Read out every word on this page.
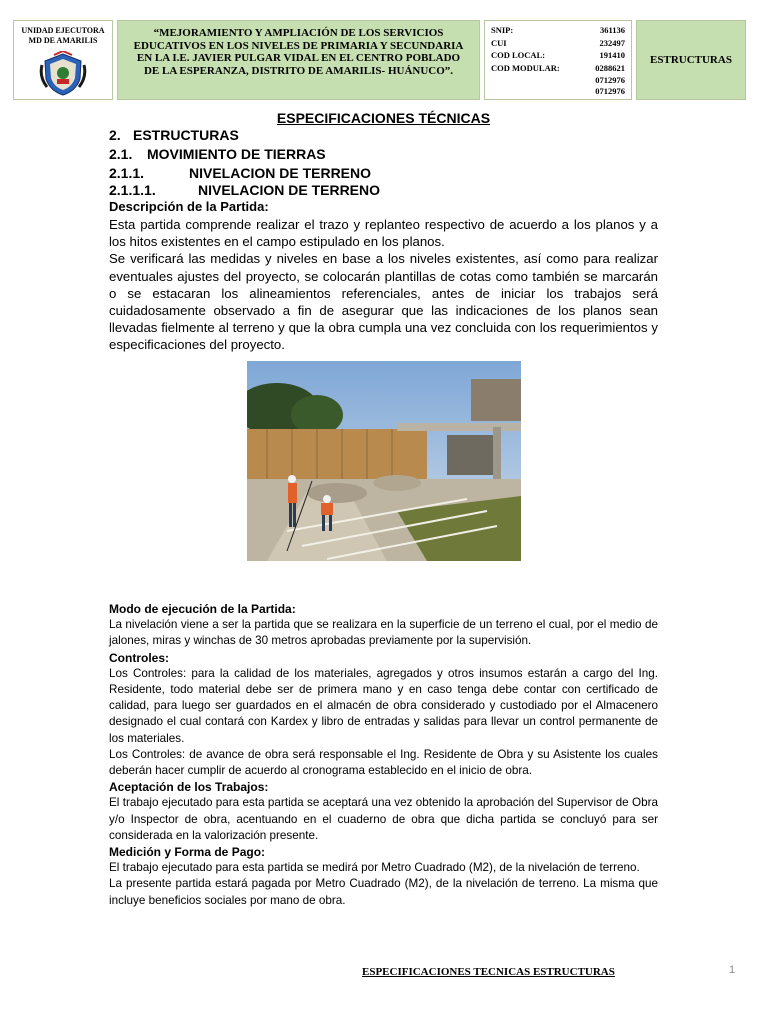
UNIDAD EJECUTORA
MD DE AMARILIS
“MEJORAMIENTO Y AMPLIACIÓN DE LOS SERVICIOS EDUCATIVOS EN LOS NIVELES DE PRIMARIA Y SECUNDARIA EN LA I.E. JAVIER PULGAR VIDAL EN EL CENTRO POBLADO DE LA ESPERANZA, DISTRITO DE AMARILIS- HUÁNUCO”.
SNIP:	361136
CUI	232497
COD LOCAL:	191410
COD MODULAR:	0288621
0712976
0712976
ESTRUCTURAS
ESPECIFICACIONES TÉCNICAS
2. ESTRUCTURAS
2.1. MOVIMIENTO DE TIERRAS
2.1.1.	NIVELACION DE TERRENO
2.1.1.1.	NIVELACION DE TERRENO
Descripción de la Partida:

Esta partida comprende realizar el trazo y replanteo respectivo de acuerdo a los planos y a los hitos existentes en el campo estipulado en los planos.

Se verificará las medidas y niveles en base a los niveles existentes, así como para realizar eventuales ajustes del proyecto, se colocarán plantillas de cotas como también se marcarán o se estacaran los alineamientos referenciales, antes de iniciar los trabajos será cuidadosamente observado a fin de asegurar que las indicaciones de los planos sean llevadas fielmente al terreno y que la obra cumpla una vez concluida con los requerimientos y especificaciones del proyecto.

Modo de ejecución de la Partida:

La nivelación viene a ser la partida que se realizara en la superficie de un terreno el cual, por el medio de jalones, miras y winchas de 30 metros aprobadas previamente por la supervisión.

Controles:

Los Controles: para la calidad de los materiales, agregados y otros insumos estarán a cargo del Ing. Residente, todo material debe ser de primera mano y en caso tenga debe contar con certificado de calidad, para luego ser guardados en el almacén de obra considerado y custodiado por el Almacenero designado el cual contará con Kardex y libro de entradas y salidas para llevar un control permanente de los materiales.

Los Controles: de avance de obra será responsable el Ing. Residente de Obra y su Asistente los cuales deberán hacer cumplir de acuerdo al cronograma establecido en el inicio de obra.

Aceptación de los Trabajos:

El trabajo ejecutado para esta partida se aceptará una vez obtenido la aprobación del Supervisor de Obra y/o Inspector de obra, acentuando en el cuaderno de obra que dicha partida se concluyó para ser considerada en la valorización presente.

Medición y Forma de Pago:

El trabajo ejecutado para esta partida se medirá por Metro Cuadrado (M2), de la nivelación de terreno.

La presente partida estará pagada por Metro Cuadrado (M2), de la nivelación de terreno. La misma que incluye beneficios sociales por mano de obra.

ESPECIFICACIONES TECNICAS ESTRUCTURAS	1
